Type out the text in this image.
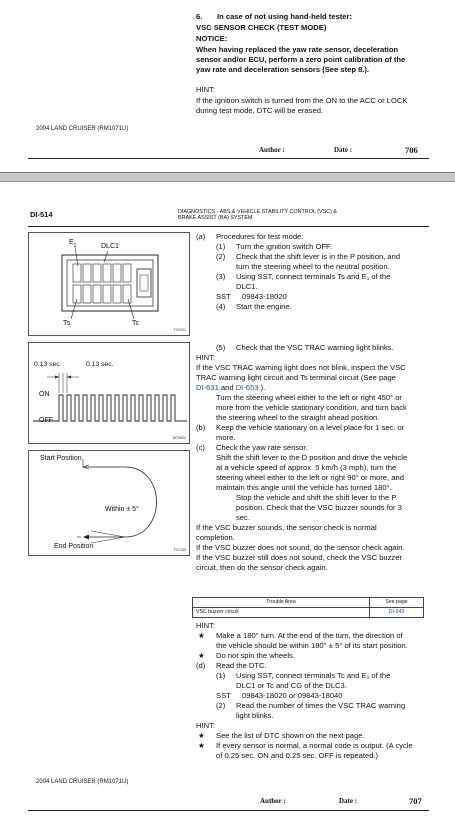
6. In case of not using hand-held tester:
VSC SENSOR CHECK (TEST MODE)
NOTICE:
When having replaced the yaw rate sensor, deceleration
sensor and/or ECU, perform a zero point calibration of the
yaw rate and deceleration sensors (See step 8.).
HINT:
If the ignition switch is turned from the ON to the ACC or LOCK
during test mode, DTC will be erased.
2004 LAND CRUISER (RM1071U)
Author :	Date :	706
DI-514	DIAGNOSTICS - ABS & VEHICLE STABILITY CONTROL (VSC) &
BRAKE ASSIST (BA) SYSTEM
$E_1$	DLC1
Ts	Tc
F02301
0.13 sec.	0.13 sec.
ON
OFF
BR3804
Start Position
Within ± 5°
End Position
F02185
(a) Procedures for test mode:
(1) Turn the ignition switch OFF.
(2) Check that the shift lever is in the P position, and
turn the steering wheel to the neutral position.
(3) Using SST, connect terminals Ts and E₁ of the
DLC1.
SST 09843-18020
(4) Start the engine.
(5) Check that the VSC TRAC warning light blinks.
HINT:
If the VSC TRAC warning light does not blink, inspect the VSC
TRAC warning light circuit and Ts terminal circuit (See page
DI-631 and DI-653 ).
Turn the steering wheel either to the left or right 450° or
more from the vehicle stationary condition, and turn back
the steering wheel to the straight ahead position.
(b) Keep the vehicle stationary on a level place for 1 sec. or
more.
(c) Check the yaw rate sensor.
Shift the shift lever to the D position and drive the vehicle
at a vehicle speed of approx. 5 km/h (3 mph), turn the
steering wheel either to the left or right 90° or more, and
maintain this angle until the vehicle has turned 180°.
Stop the vehicle and shift the shift lever to the P
position. Check that the VSC buzzer sounds for 3
sec.
If the VSC buzzer sounds, the sensor check is normal
completion.
If the VSC buzzer does not sound, do the sensor check again.
If the VSC buzzer still does not sound, check the VSC buzzer
circuit, then do the sensor check again.
Trouble Area	See page
VSC buzzer circuit	DI-649
HINT:
★ Make a 180° turn. At the end of the turn, the direction of
the vehicle should be within 180° ± 5° of its start position.
★ Do not spin the wheels.
(d) Read the DTC.
(1) Using SST, connect terminals Tc and E₁ of the
DLC1 or Tc and CG of the DLC3.
SST 09843-18020 or 09843-18040
(2) Read the number of times the VSC TRAC warning
light blinks.
HINT:
★ See the list of DTC shown on the next page.
★ If every sensor is normal, a normal code is output. (A cycle
of 0.25 sec. ON and 0.25 sec. OFF is repeated.)
2004 LAND CRUISER (RM1071U)
Author :	Date :	707
